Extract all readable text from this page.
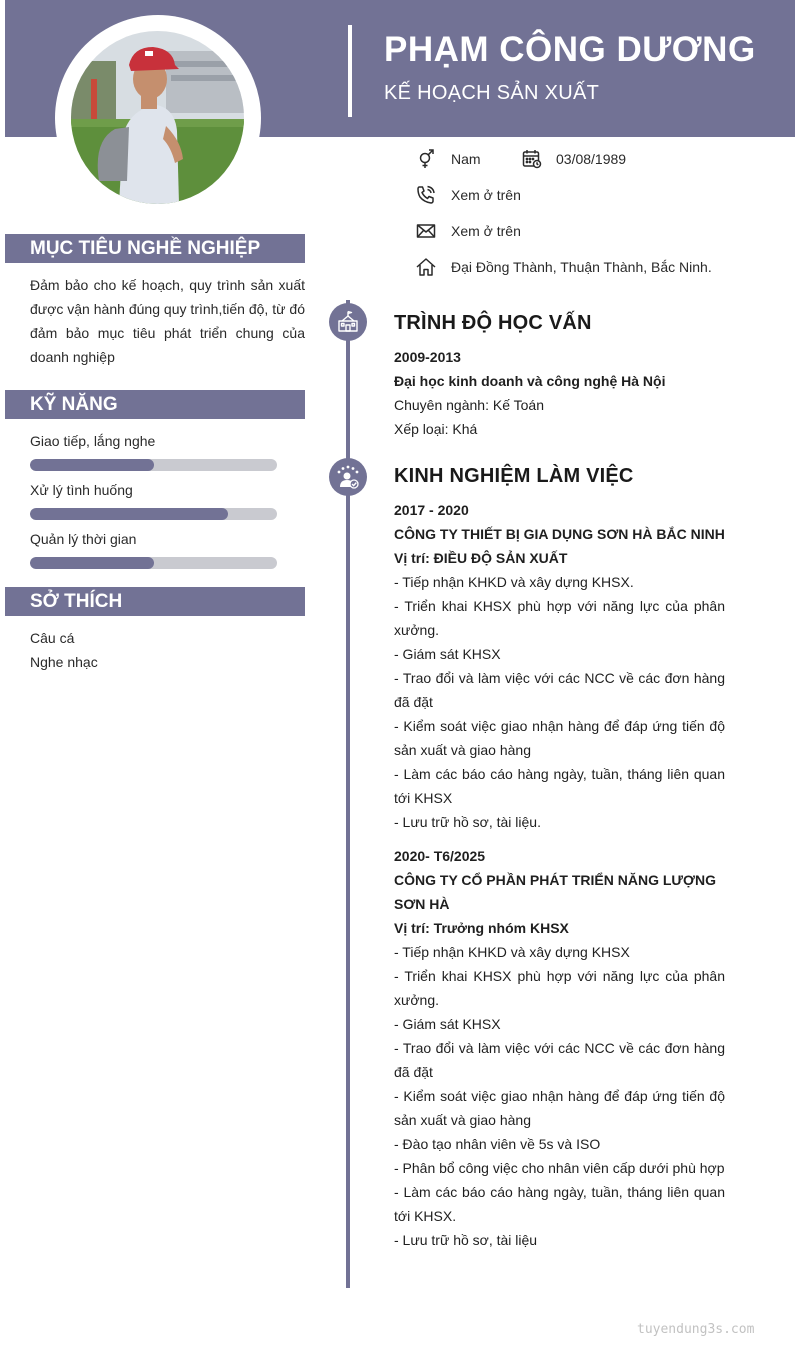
PHẠM CÔNG DƯƠNG
KẾ HOẠCH SẢN XUẤT
Nam	03/08/1989
Xem ở trên
Xem ở trên
Đại Đồng Thành, Thuận Thành, Bắc Ninh.
MỤC TIÊU NGHỀ NGHIỆP
Đảm bảo cho kế hoạch, quy trình sản xuất được vận hành đúng quy trình,tiến độ, từ đó đảm bảo mục tiêu phát triển chung của doanh nghiệp
KỸ NĂNG
Giao tiếp, lắng nghe
Xử lý tình huống
Quản lý thời gian
SỞ THÍCH
Câu cá
Nghe nhạc
TRÌNH ĐỘ HỌC VẤN
2009-2013
Đại học kinh doanh và công nghệ Hà Nội
Chuyên ngành: Kế Toán
Xếp loại: Khá
KINH NGHIỆM LÀM VIỆC
2017 - 2020
CÔNG TY THIẾT BỊ GIA DỤNG SƠN HÀ BẮC NINH
Vị trí: ĐIỀU ĐỘ SẢN XUẤT
- Tiếp nhận KHKD và xây dựng KHSX.
- Triển khai KHSX phù hợp với năng lực của phân xưởng.
- Giám sát KHSX
- Trao đổi và làm việc với các NCC về các đơn hàng đã đặt
- Kiểm soát việc giao nhận hàng để đáp ứng tiến độ sản xuất và giao hàng
- Làm các báo cáo hàng ngày, tuần, tháng liên quan tới KHSX
- Lưu trữ hồ sơ, tài liệu.
2020- T6/2025
CÔNG TY CỔ PHẦN PHÁT TRIỂN NĂNG LƯỢNG SƠN HÀ
Vị trí: Trưởng nhóm KHSX
- Tiếp nhận KHKD và xây dựng KHSX
- Triển khai KHSX phù hợp với năng lực của phân xưởng.
- Giám sát KHSX
- Trao đổi và làm việc với các NCC về các đơn hàng đã đặt
- Kiểm soát việc giao nhận hàng để đáp ứng tiến độ sản xuất và giao hàng
- Đào tạo nhân viên về 5s và ISO
- Phân bổ công việc cho nhân viên cấp dưới phù hợp
- Làm các báo cáo hàng ngày, tuần, tháng liên quan tới KHSX.
- Lưu trữ hồ sơ, tài liệu
tuyendung3s.com
